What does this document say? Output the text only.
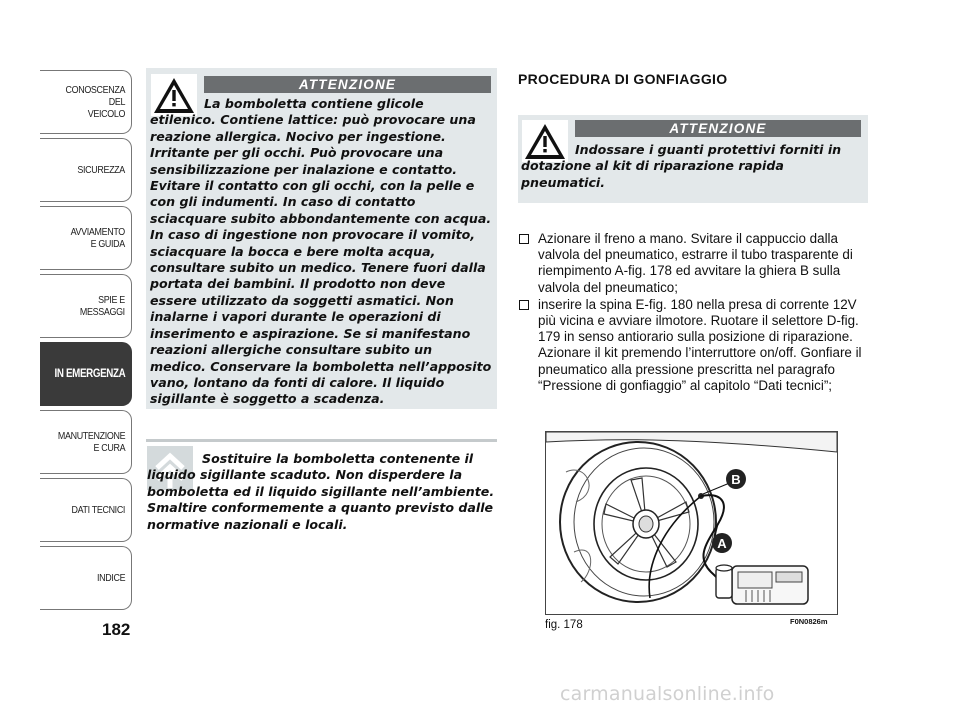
CONOSCENZA
DEL
VEICOLO
SICUREZZA
AVVIAMENTO
E GUIDA
SPIE E
MESSAGGI
IN EMERGENZA
MANUTENZIONE
E CURA
DATI TECNICI
INDICE
182
ATTENZIONE
La bomboletta contiene glicole etilenico. Contiene lattice: può provocare una reazione allergica. Nocivo per ingestione. Irritante per gli occhi. Può provocare una sensibilizzazione per inalazione e contatto. Evitare il contatto con gli occhi, con la pelle e con gli indumenti. In caso di contatto sciacquare subito abbondantemente con acqua. In caso di ingestione non provocare il vomito, sciacquare la bocca e bere molta acqua, consultare subito un medico. Tenere fuori dalla portata dei bambini. Il prodotto non deve essere utilizzato da soggetti asmatici. Non inalarne i vapori durante le operazioni di inserimento e aspirazione. Se si manifestano reazioni allergiche consultare subito un medico. Conservare la bomboletta nell’apposito vano, lontano da fonti di calore. Il liquido sigillante è soggetto a scadenza.
Sostituire la bomboletta contenente il liquido sigillante scaduto. Non disperdere la bomboletta ed il liquido sigillante nell’ambiente. Smaltire conformemente a quanto previsto dalle normative nazionali e locali.
PROCEDURA DI GONFIAGGIO
ATTENZIONE
Indossare i guanti protettivi forniti in dotazione al kit di riparazione rapida pneumatici.
Azionare il freno a mano. Svitare il cappuccio dalla valvola del pneumatico, estrarre il tubo trasparente di riempimento A-fig. 178 ed avvitare la ghiera B sulla valvola del pneumatico;
inserire la spina E-fig. 180 nella presa di corrente 12V più vicina e avviare ilmotore. Ruotare il selettore D-fig. 179 in senso antiorario sulla posizione di riparazione. Azionare il kit premendo l’interruttore on/off. Gonfiare il pneumatico alla pressione prescritta nel paragrafo “Pressione di gonfiaggio” al capitolo “Dati tecnici”;
B
A
fig. 178	F0N0826m
carmanualsonline.info
